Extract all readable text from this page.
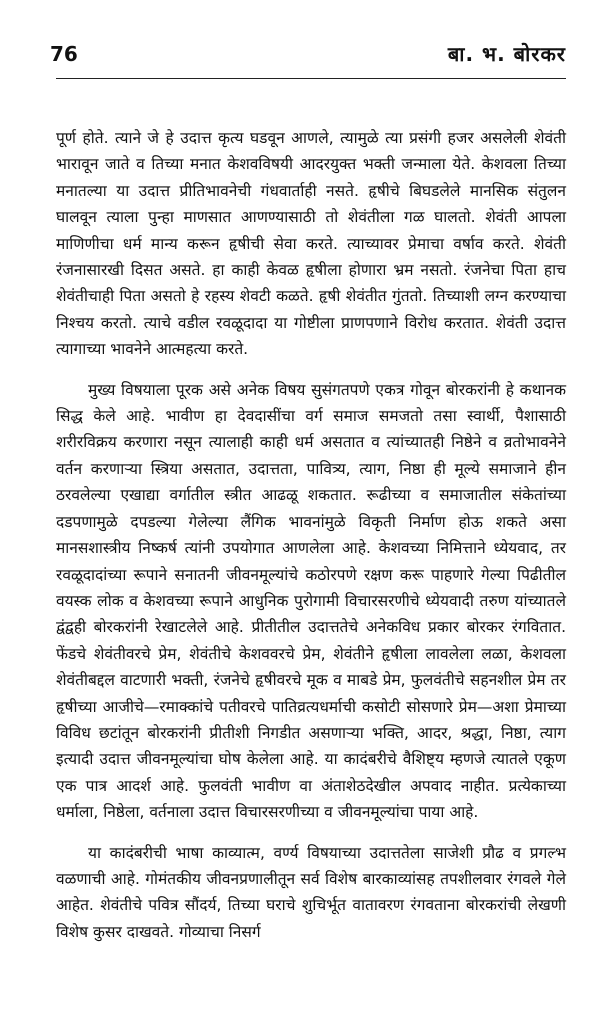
76	बा. भ. बोरकर

पूर्ण होते. त्याने जे हे उदात्त कृत्य घडवून आणले, त्यामुळे त्या प्रसंगी हजर असलेली शेवंती भारावून जाते व तिच्या मनात केशवविषयी आदरयुक्त भक्ती जन्माला येते. केशवला तिच्या मनातल्या या उदात्त प्रीतिभावनेची गंधवार्ताही नसते. हृषीचे बिघडलेले मानसिक संतुलन घालवून त्याला पुन्हा माणसात आणण्यासाठी तो शेवंतीला गळ घालतो. शेवंती आपला माणिणीचा धर्म मान्य करून हृषीची सेवा करते. त्याच्यावर प्रेमाचा वर्षाव करते. शेवंती रंजनासारखी दिसत असते. हा काही केवळ हृषीला होणारा भ्रम नसतो. रंजनेचा पिता हाच शेवंतीचाही पिता असतो हे रहस्य शेवटी कळते. हृषी शेवंतीत गुंततो. तिच्याशी लग्न करण्याचा निश्चय करतो. त्याचे वडील रवळूदादा या गोष्टीला प्राणपणाने विरोध करतात. शेवंती उदात्त त्यागाच्या भावनेने आत्महत्या करते.

मुख्य विषयाला पूरक असे अनेक विषय सुसंगतपणे एकत्र गोवून बोरकरांनी हे कथानक सिद्ध केले आहे. भावीण हा देवदासींचा वर्ग समाज समजतो तसा स्वार्थी, पैशासाठी शरीरविक्रय करणारा नसून त्यालाही काही धर्म असतात व त्यांच्यातही निष्ठेने व व्रतोभावनेने वर्तन करणाऱ्या स्त्रिया असतात, उदात्तता, पावित्र्य, त्याग, निष्ठा ही मूल्ये समाजाने हीन ठरवलेल्या एखाद्या वर्गातील स्त्रीत आढळू शकतात. रूढीच्या व समाजातील संकेतांच्या दडपणामुळे दपडल्या गेलेल्या लैंगिक भावनांमुळे विकृती निर्माण होऊ शकते असा मानसशास्त्रीय निष्कर्ष त्यांनी उपयोगात आणलेला आहे. केशवच्या निमित्ताने ध्येयवाद, तर रवळूदादांच्या रूपाने सनातनी जीवनमूल्यांचे कठोरपणे रक्षण करू पाहणारे गेल्या पिढीतील वयस्क लोक व केशवच्या रूपाने आधुनिक पुरोगामी विचारसरणीचे ध्येयवादी तरुण यांच्यातले द्वंद्वही बोरकरांनी रेखाटलेले आहे. प्रीतीतील उदात्ततेचे अनेकविध प्रकार बोरकर रंगवितात. फेंडचे शेवंतीवरचे प्रेम, शेवंतीचे केशववरचे प्रेम, शेवंतीने हृषीला लावलेला लळा, केशवला शेवंतीबद्दल वाटणारी भक्ती, रंजनेचे हृषीवरचे मूक व माबडे प्रेम, फुलवंतीचे सहनशील प्रेम तर हृषीच्या आजीचे—रमाक्कांचे पतीवरचे पातिव्रत्यधर्माची कसोटी सोसणारे प्रेम—अशा प्रेमाच्या विविध छटांतून बोरकरांनी प्रीतीशी निगडीत असणाऱ्या भक्ति, आदर, श्रद्धा, निष्ठा, त्याग इत्यादी उदात्त जीवनमूल्यांचा घोष केलेला आहे. या कादंबरीचे वैशिष्ट्य म्हणजे त्यातले एकूण एक पात्र आदर्श आहे. फुलवंती भावीण वा अंताशेठदेखील अपवाद नाहीत. प्रत्येकाच्या धर्माला, निष्ठेला, वर्तनाला उदात्त विचारसरणीच्या व जीवनमूल्यांचा पाया आहे.

या कादंबरीची भाषा काव्यात्म, वर्ण्य विषयाच्या उदात्ततेला साजेशी प्रौढ व प्रगल्भ वळणाची आहे. गोमंतकीय जीवनप्रणालीतून सर्व विशेष बारकाव्यांसह तपशीलवार रंगवले गेले आहेत. शेवंतीचे पवित्र सौंदर्य, तिच्या घराचे शुचिर्भूत वातावरण रंगवताना बोरकरांची लेखणी विशेष कुसर दाखवते. गोव्याचा निसर्ग
